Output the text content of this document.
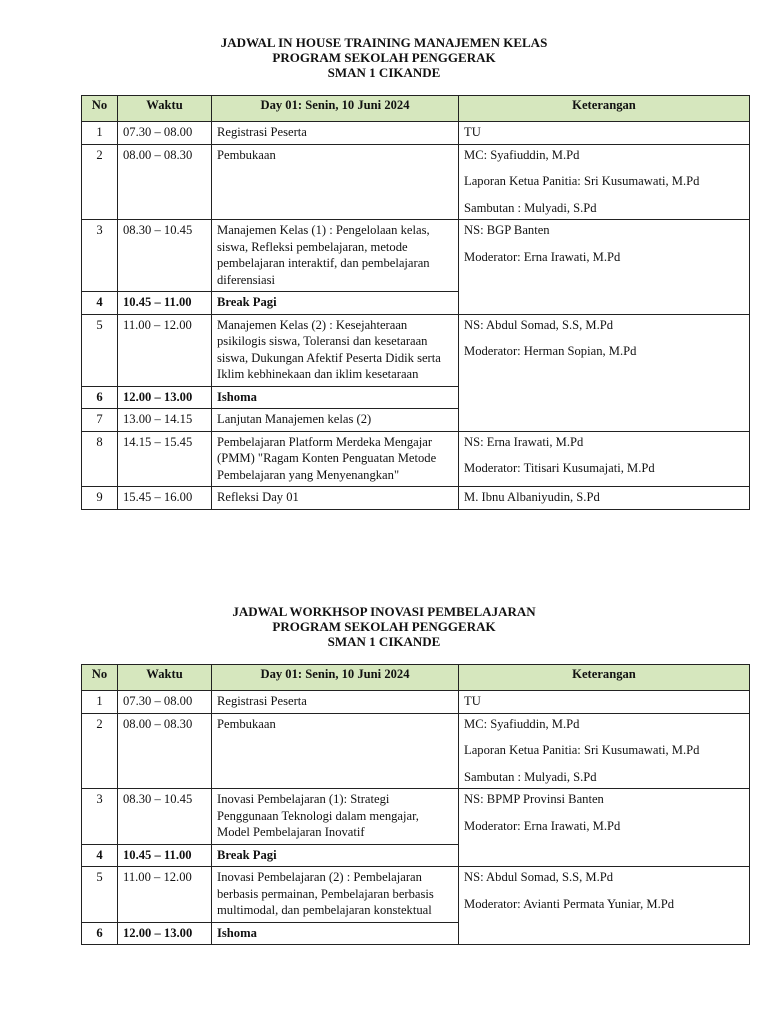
JADWAL IN HOUSE TRAINING MANAJEMEN KELAS
PROGRAM SEKOLAH PENGGERAK
SMAN 1 CIKANDE
No	Waktu	Day 01: Senin, 10 Juni 2024	Keterangan
1	07.30 – 08.00	Registrasi Peserta	TU

2	08.00 – 08.30	Pembukaan	MC: Syafiuddin, M.Pd
Laporan Ketua Panitia: Sri Kusumawati, M.Pd
Sambutan : Mulyadi, S.Pd

3	08.30 – 10.45	Manajemen Kelas (1) : Pengelolaan kelas, siswa, Refleksi pembelajaran, metode pembelajaran interaktif, dan pembelajaran diferensiasi	NS: BGP Banten
Moderator: Erna Irawati, M.Pd

4	10.45 – 11.00	Break Pagi	
5	11.00 – 12.00	Manajemen Kelas (2) : Kesejahteraan psikilogis siswa, Toleransi dan kesetaraan siswa, Dukungan Afektif Peserta Didik serta Iklim kebhinekaan dan iklim kesetaraan	NS: Abdul Somad, S.S, M.Pd
Moderator: Herman Sopian, M.Pd

6	12.00 – 13.00	Ishoma	
7	13.00 – 14.15	Lanjutan Manajemen kelas (2)	
8	14.15 – 15.45	Pembelajaran Platform Merdeka Mengajar (PMM) "Ragam Konten Penguatan Metode Pembelajaran yang Menyenangkan"	NS: Erna Irawati, M.Pd
Moderator: Titisari Kusumajati, M.Pd

9	15.45 – 16.00	Refleksi Day 01	M. Ibnu Albaniyudin, S.Pd
JADWAL WORKHSOP INOVASI PEMBELAJARAN
PROGRAM SEKOLAH PENGGERAK
SMAN 1 CIKANDE
No	Waktu	Day 01: Senin, 10 Juni 2024	Keterangan
1	07.30 – 08.00	Registrasi Peserta	TU

2	08.00 – 08.30	Pembukaan	MC: Syafiuddin, M.Pd
Laporan Ketua Panitia: Sri Kusumawati, M.Pd
Sambutan : Mulyadi, S.Pd

3	08.30 – 10.45	Inovasi Pembelajaran (1): Strategi Penggunaan Teknologi dalam mengajar, Model Pembelajaran Inovatif	NS: BPMP Provinsi Banten
Moderator: Erna Irawati, M.Pd

4	10.45 – 11.00	Break Pagi	
5	11.00 – 12.00	Inovasi Pembelajaran (2) : Pembelajaran berbasis permainan, Pembelajaran berbasis multimodal, dan pembelajaran konstektual	NS: Abdul Somad, S.S, M.Pd
Moderator: Avianti Permata Yuniar, M.Pd

6	12.00 – 13.00	Ishoma	
